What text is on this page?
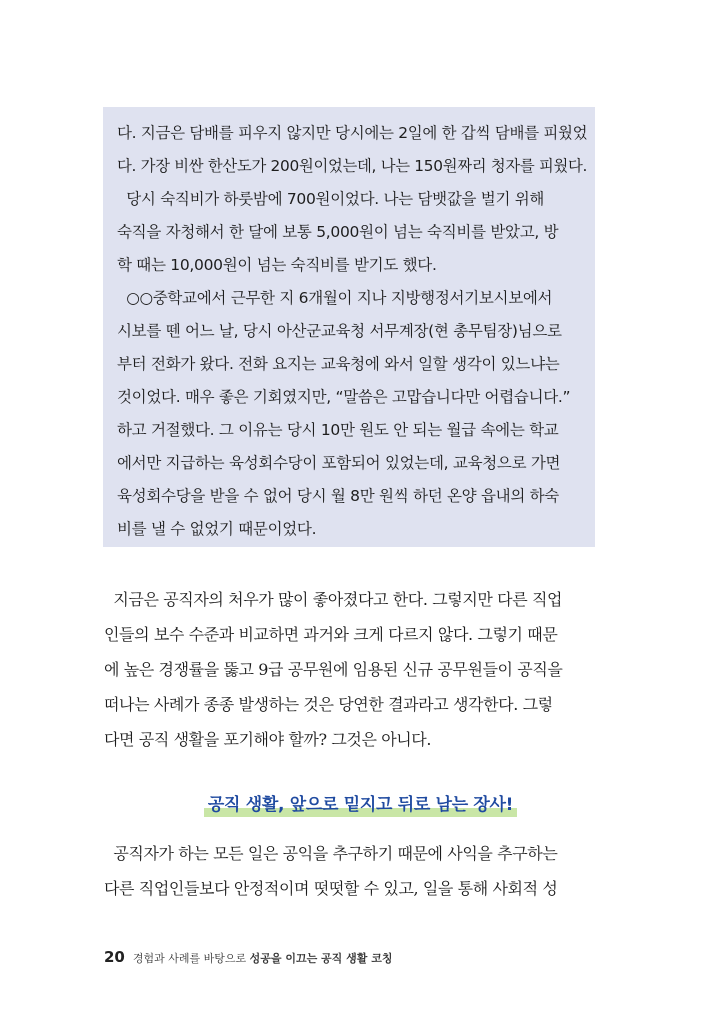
다. 지금은 담배를 피우지 않지만 당시에는 2일에 한 갑씩 담배를 피웠었
다. 가장 비싼 한산도가 200원이었는데, 나는 150원짜리 청자를 피웠다.
당시 숙직비가 하룻밤에 700원이었다. 나는 담뱃값을 벌기 위해
숙직을 자청해서 한 달에 보통 5,000원이 넘는 숙직비를 받았고, 방
학 때는 10,000원이 넘는 숙직비를 받기도 했다.
○○중학교에서 근무한 지 6개월이 지나 지방행정서기보시보에서
시보를 뗀 어느 날, 당시 아산군교육청 서무계장(현 총무팀장)님으로
부터 전화가 왔다. 전화 요지는 교육청에 와서 일할 생각이 있느냐는
것이었다. 매우 좋은 기회였지만, “말씀은 고맙습니다만 어렵습니다.”
하고 거절했다. 그 이유는 당시 10만 원도 안 되는 월급 속에는 학교
에서만 지급하는 육성회수당이 포함되어 있었는데, 교육청으로 가면
육성회수당을 받을 수 없어 당시 월 8만 원씩 하던 온양 읍내의 하숙
비를 낼 수 없었기 때문이었다.
지금은 공직자의 처우가 많이 좋아졌다고 한다. 그렇지만 다른 직업
인들의 보수 수준과 비교하면 과거와 크게 다르지 않다. 그렇기 때문
에 높은 경쟁률을 뚫고 9급 공무원에 임용된 신규 공무원들이 공직을
떠나는 사례가 종종 발생하는 것은 당연한 결과라고 생각한다. 그렇
다면 공직 생활을 포기해야 할까? 그것은 아니다.
공직 생활, 앞으로 밑지고 뒤로 남는 장사!
공직자가 하는 모든 일은 공익을 추구하기 때문에 사익을 추구하는
다른 직업인들보다 안정적이며 떳떳할 수 있고, 일을 통해 사회적 성
20 경험과 사례를 바탕으로 성공을 이끄는 공직 생활 코칭
